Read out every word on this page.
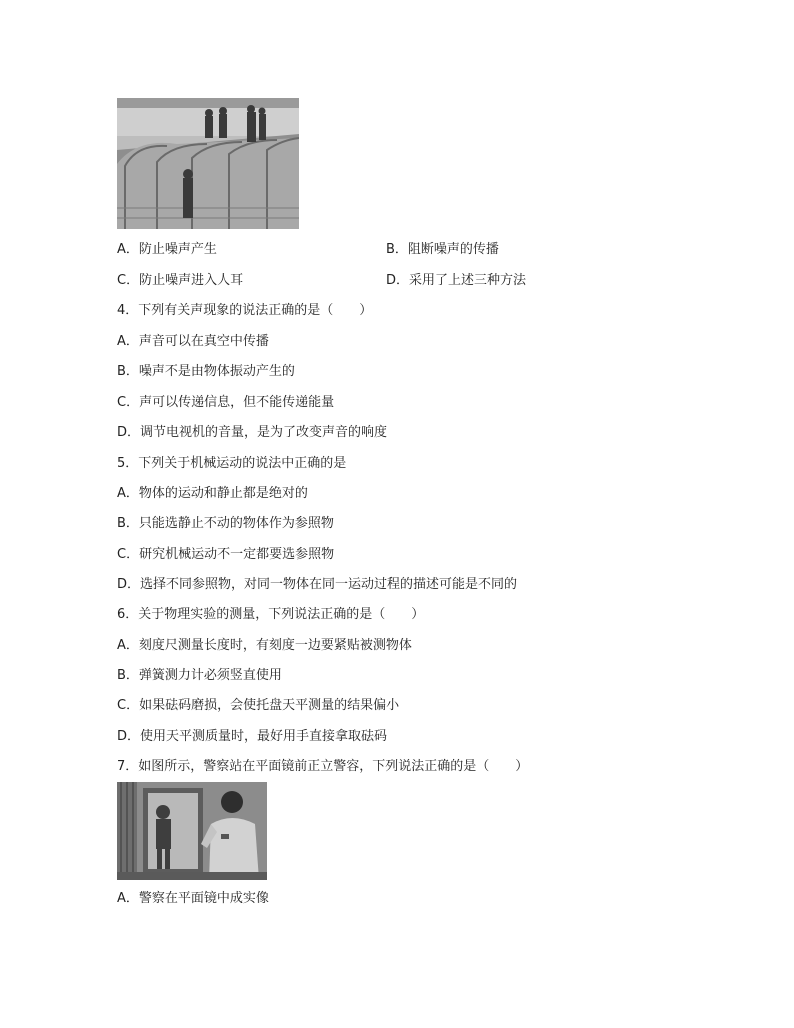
A．防止噪声产生	B．阻断噪声的传播
C．防止噪声进入人耳	D．采用了上述三种方法
4．下列有关声现象的说法正确的是（　　）
A．声音可以在真空中传播
B．噪声不是由物体振动产生的
C．声可以传递信息，但不能传递能量
D．调节电视机的音量，是为了改变声音的响度
5．下列关于机械运动的说法中正确的是
A．物体的运动和静止都是绝对的
B．只能选静止不动的物体作为参照物
C．研究机械运动不一定都要选参照物
D．选择不同参照物，对同一物体在同一运动过程的描述可能是不同的
6．关于物理实验的测量，下列说法正确的是（　　）
A．刻度尺测量长度时，有刻度一边要紧贴被测物体
B．弹簧测力计必须竖直使用
C．如果砝码磨损，会使托盘天平测量的结果偏小
D．使用天平测质量时，最好用手直接拿取砝码
7．如图所示，警察站在平面镜前正立警容，下列说法正确的是（　　）
A．警察在平面镜中成实像
